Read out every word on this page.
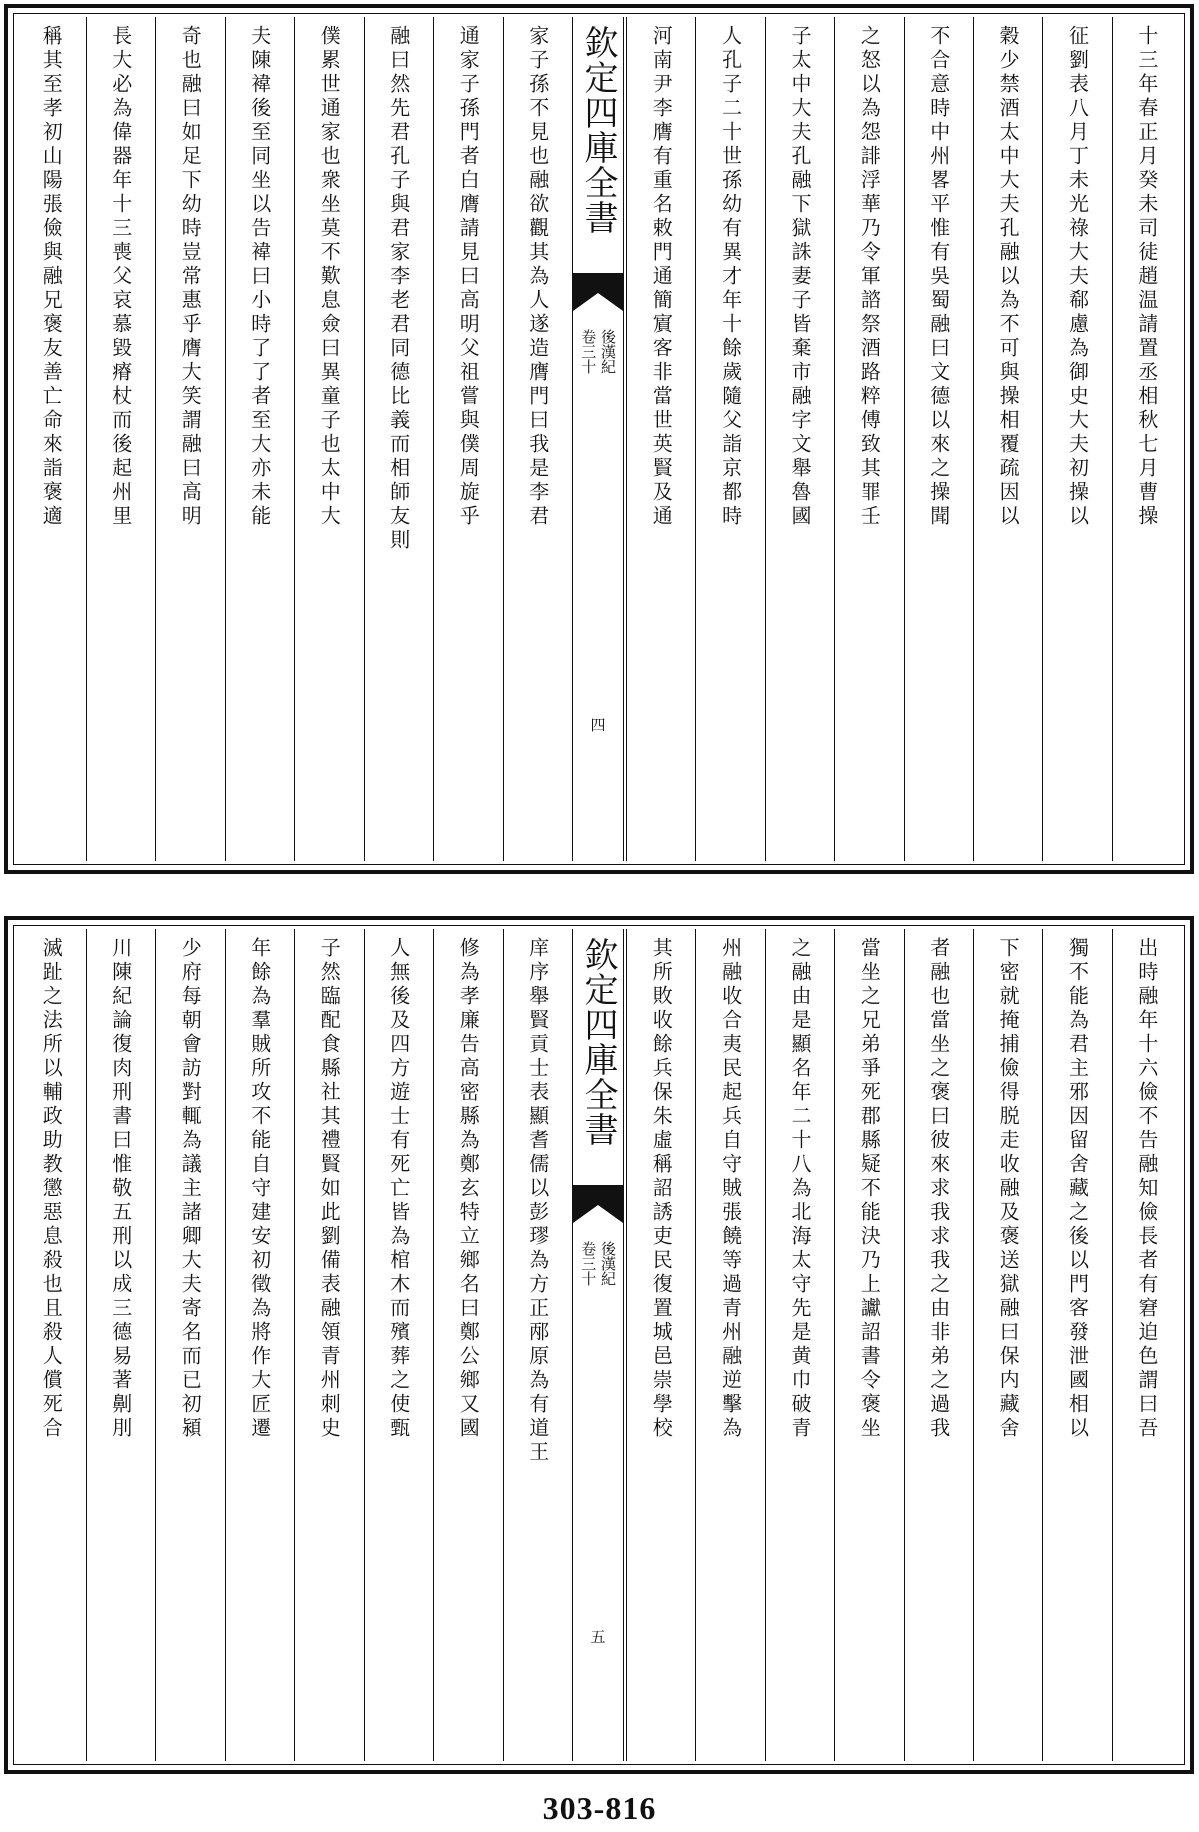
十三年春正月癸未司徒趙温請置丞相秋七月曹操
征劉表八月丁未光祿大夫郗慮為御史大夫初操以
穀少禁酒太中大夫孔融以為不可與操相覆疏因以
不合意時中州畧平惟有吳蜀融曰文德以來之操聞
之怒以為怨誹浮華乃令軍諮祭酒路粹傅致其罪壬
子太中大夫孔融下獄誅妻子皆棄市融字文舉魯國
人孔子二十世孫幼有異才年十餘歲隨父詣京都時
河南尹李膺有重名敕門通簡賔客非當世英賢及通
欽定四庫全書
後漢紀
卷三十
四
家子孫不見也融欲觀其為人遂造膺門曰我是李君
通家子孫門者白膺請見曰高明父祖嘗與僕周旋乎
融曰然先君孔子與君家李老君同德比義而相師友則
僕累世通家也衆坐莫不歎息僉曰異童子也太中大
夫陳褘後至同坐以告褘曰小時了了者至大亦未能
奇也融曰如足下幼時豈常惠乎膺大笑謂融曰高明
長大必為偉器年十三喪父哀慕毀瘠杖而後起州里
稱其至孝初山陽張儉與融兄褒友善亡命來詣褒適
出時融年十六儉不告融知儉長者有窘迫色謂曰吾
獨不能為君主邪因留舍藏之後以門客發泄國相以
下密就掩捕儉得脱走收融及褒送獄融曰保内藏舍
者融也當坐之褒曰彼來求我求我之由非弟之過我
當坐之兄弟爭死郡縣疑不能決乃上讞詔書令褒坐
之融由是顯名年二十八為北海太守先是黄巾破青
州融收合夷民起兵自守賊張饒等過青州融逆擊為
其所敗收餘兵保朱虛稱詔誘吏民復置城邑崇學校
欽定四庫全書
後漢紀
卷三十
五
庠序舉賢貢士表顯耆儒以彭璆為方正邴原為有道王
修為孝廉告高密縣為鄭玄特立鄉名曰鄭公鄉又國
人無後及四方遊士有死亡皆為棺木而殯葬之使甄
子然臨配食縣社其禮賢如此劉備表融領青州刺史
年餘為羣賊所攻不能自守建安初徵為將作大匠遷
少府每朝會訪對輒為議主諸卿大夫寄名而已初潁
川陳紀論復肉刑書曰惟敬五刑以成三德易著劓刖
滅趾之法所以輔政助教懲惡息殺也且殺人償死合
303-816
